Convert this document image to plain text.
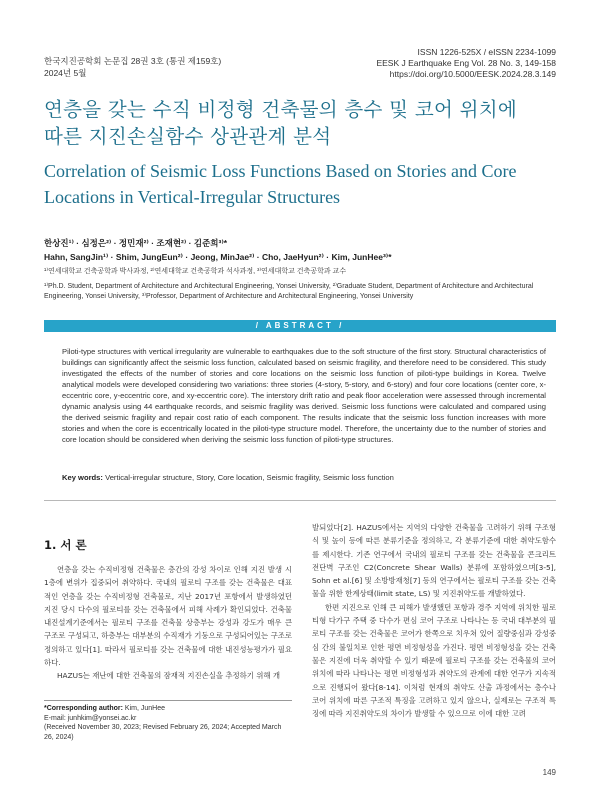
한국지진공학회 논문집 28권 3호 (통권 제159호)
2024년 5월
ISSN 1226-525X / eISSN 2234-1099
EESK J Earthquake Eng Vol. 28 No. 3, 149-158
https://doi.org/10.5000/EESK.2024.28.3.149
연층을 갖는 수직 비정형 건축물의 층수 및 코어 위치에
따른 지진손실함수 상관관계 분석
Correlation of Seismic Loss Functions Based on Stories and Core
Locations in Vertical-Irregular Structures
한상진¹⁾ · 심정은²⁾ · 정민재²⁾ · 조재현²⁾ · 김준희³⁾*
Hahn, SangJin¹⁾ · Shim, JungEun²⁾ · Jeong, MinJae²⁾ · Cho, JaeHyun²⁾ · Kim, JunHee³⁾*
¹⁾연세대학교 건축공학과 박사과정, ²⁾연세대학교 건축공학과 석사과정, ³⁾연세대학교 건축공학과 교수
¹⁾Ph.D. Student, Department of Architecture and Architectural Engineering, Yonsei University, ²⁾Graduate Student, Department of Architecture and Architectural Engineering, Yonsei University, ³⁾Professor, Department of Architecture and Architectural Engineering, Yonsei University
/ ABSTRACT /
Piloti-type structures with vertical irregularity are vulnerable to earthquakes due to the soft structure of the first story. Structural characteristics of buildings can significantly affect the seismic loss function, calculated based on seismic fragility, and therefore need to be considered. This study investigated the effects of the number of stories and core locations on the seismic loss function of piloti-type buildings in Korea. Twelve analytical models were developed considering two variations: three stories (4-story, 5-story, and 6-story) and four core locations (center core, x-eccentric core, y-eccentric core, and xy-eccentric core). The interstory drift ratio and peak floor acceleration were assessed through incremental dynamic analysis using 44 earthquake records, and seismic fragility was derived. Seismic loss functions were calculated and compared using the derived seismic fragility and repair cost ratio of each component. The results indicate that the seismic loss function increases with more stories and when the core is eccentrically located in the piloti-type structure model. Therefore, the uncertainty due to the number of stories and core location should be considered when deriving the seismic loss function of piloti-type structures.
Key words: Vertical-irregular structure, Story, Core location, Seismic fragility, Seismic loss function
1. 서 론

연층을 갖는 수직비정형 건축물은 층간의 강성 차이로 인해 지진 발생 시 1층에 변위가 집중되어 취약하다. 국내의 필로티 구조를 갖는 건축물은 대표적인 연층을 갖는 수직비정형 건축물로, 지난 2017년 포항에서 발생하였던 지진 당시 다수의 필로티를 갖는 건축물에서 피해 사례가 확인되었다. 건축물 내진설계기준에서는 필로티 구조를 건축물 상층부는 강성과 강도가 매우 큰 구조로 구성되고, 하층부는 대부분의 수직재가 기둥으로 구성되어있는 구조로 정의하고 있다[1]. 따라서 필로티를 갖는 건축물에 대한 내진성능평가가 필요하다.

HAZUS는 재난에 대한 건축물의 잠재적 지진손실을 추정하기 위해 개

발되었다[2]. HAZUS에서는 지역의 다양한 건축물을 고려하기 위해 구조형식 및 높이 등에 따른 분류기준을 정의하고, 각 분류기준에 대한 취약도함수를 제시한다. 기존 연구에서 국내의 필로티 구조를 갖는 건축물을 콘크리트 전단벽 구조인 C2(Concrete Shear Walls) 분류에 포함하였으며[3-5], Sohn et al.[6] 및 소방방재청[7] 등의 연구에서는 필로티 구조를 갖는 건축물을 위한 한계상태(limit state, LS) 및 지진취약도를 개발하였다.

한편 지진으로 인해 큰 피해가 발생했던 포항과 경주 지역에 위치한 필로티형 다가구 주택 중 다수가 편심 코어 구조로 나타나는 등 국내 대부분의 필로티 구조를 갖는 건축물은 코어가 한쪽으로 치우쳐 있어 질량중심과 강성중심 간의 불일치로 인한 평면 비정형성을 가진다. 평면 비정형성을 갖는 건축물은 지진에 더욱 취약할 수 있기 때문에 필로티 구조를 갖는 건축물의 코어 위치에 따라 나타나는 평면 비정형성과 취약도의 관계에 대한 연구가 지속적으로 진행되어 왔다[8-14]. 이처럼 현재의 취약도 산출 과정에서는 층수나 코어 위치에 따른 구조적 특징을 고려하고 있지 않으나, 실제로는 구조적 특징에 따라 지진취약도의 차이가 발생할 수 있으므로 이에 대한 고려

*Corresponding author: Kim, JunHee
E-mail: junhkim@yonsei.ac.kr
(Received November 30, 2023; Revised February 26, 2024; Accepted March 26, 2024)
149
